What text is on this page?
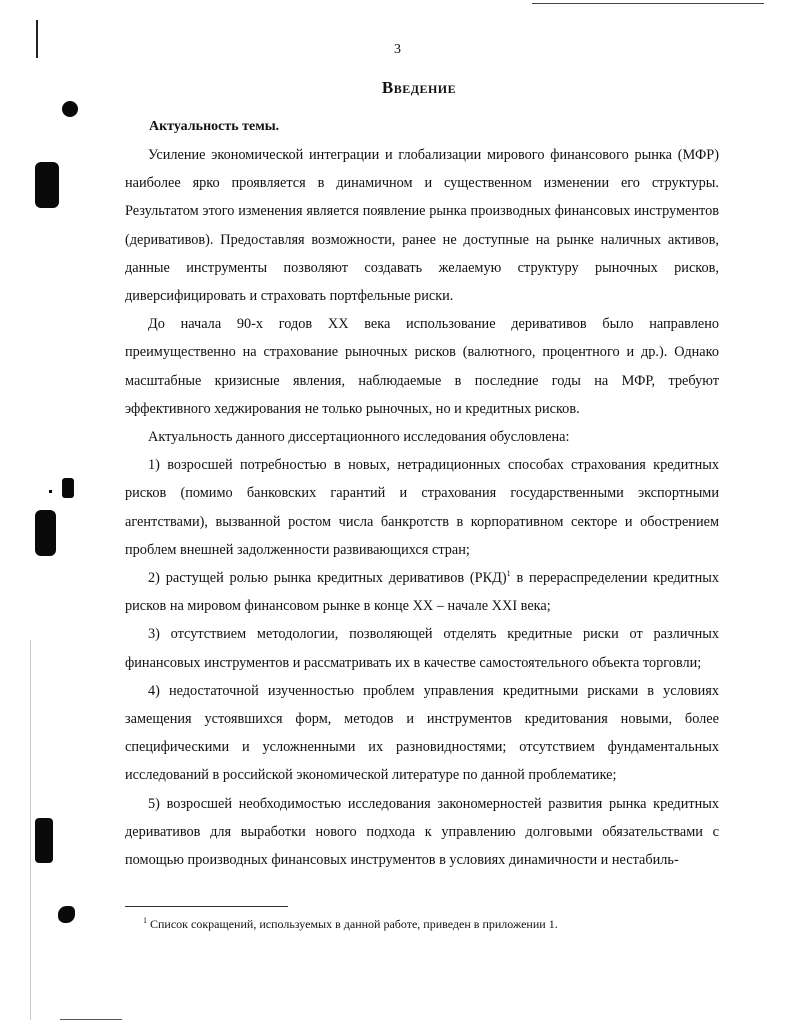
3
Введение
Актуальность темы.

Усиление экономической интеграции и глобализации мирового финансового рынка (МФР) наиболее ярко проявляется в динамичном и существенном изменении его структуры. Результатом этого изменения является появление рынка производных финансовых инструментов (деривативов). Предоставляя возможности, ранее не доступные на рынке наличных активов, данные инструменты позволяют создавать желаемую структуру рыночных рисков, диверсифицировать и страховать портфельные риски.

До начала 90-х годов XX века использование деривативов было направлено преимущественно на страхование рыночных рисков (валютного, процентного и др.). Однако масштабные кризисные явления, наблюдаемые в последние годы на МФР, требуют эффективного хеджирования не только рыночных, но и кредитных рисков.

Актуальность данного диссертационного исследования обусловлена:

1) возросшей потребностью в новых, нетрадиционных способах страхования кредитных рисков (помимо банковских гарантий и страхования государственными экспортными агентствами), вызванной ростом числа банкротств в корпоративном секторе и обострением проблем внешней задолженности развивающихся стран;

2) растущей ролью рынка кредитных деривативов (РКД)$^1$ в перераспределении кредитных рисков на мировом финансовом рынке в конце XX – начале XXI века;

3) отсутствием методологии, позволяющей отделять кредитные риски от различных финансовых инструментов и рассматривать их в качестве самостоятельного объекта торговли;

4) недостаточной изученностью проблем управления кредитными рисками в условиях замещения устоявшихся форм, методов и инструментов кредитования новыми, более специфическими и усложненными их разновидностями; отсутствием фундаментальных исследований в российской экономической литературе по данной проблематике;

5) возросшей необходимостью исследования закономерностей развития рынка кредитных деривативов для выработки нового подхода к управлению долговыми обязательствами с помощью производных финансовых инструментов в условиях динамичности и нестабиль-

$^1$ Список сокращений, используемых в данной работе, приведен в приложении 1.
